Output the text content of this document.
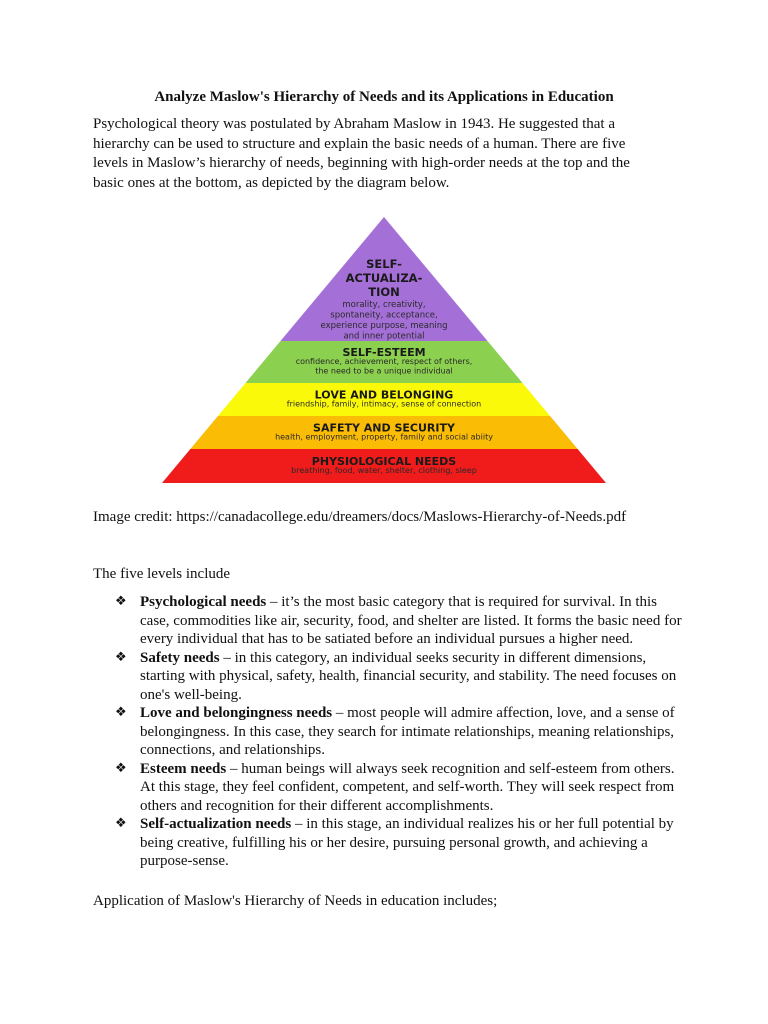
Analyze Maslow's Hierarchy of Needs and its Applications in Education
Psychological theory was postulated by Abraham Maslow in 1943. He suggested that a hierarchy can be used to structure and explain the basic needs of a human. There are five levels in Maslow’s hierarchy of needs, beginning with high-order needs at the top and the basic ones at the bottom, as depicted by the diagram below.
SELF-
ACTUALIZA-
TION
morality, creativity,
spontaneity, acceptance,
experience purpose, meaning
and inner potential
SELF-ESTEEM
confidence, achievement, respect of others,
the need to be a unique individual
LOVE AND BELONGING
friendship, family, intimacy, sense of connection
SAFETY AND SECURITY
health, employment, property, family and social abiity
PHYSIOLOGICAL NEEDS
breathing, food, water, shelter, clothing, sleep
Image credit: https://canadacollege.edu/dreamers/docs/Maslows-Hierarchy-of-Needs.pdf
The five levels include
❖ Psychological needs – it’s the most basic category that is required for survival. In this case, commodities like air, security, food, and shelter are listed. It forms the basic need for every individual that has to be satiated before an individual pursues a higher need.
❖ Safety needs – in this category, an individual seeks security in different dimensions, starting with physical, safety, health, financial security, and stability. The need focuses on one's well-being.
❖ Love and belongingness needs – most people will admire affection, love, and a sense of belongingness. In this case, they search for intimate relationships, meaning relationships, connections, and relationships.
❖ Esteem needs – human beings will always seek recognition and self-esteem from others. At this stage, they feel confident, competent, and self-worth. They will seek respect from others and recognition for their different accomplishments.
❖ Self-actualization needs – in this stage, an individual realizes his or her full potential by being creative, fulfilling his or her desire, pursuing personal growth, and achieving a purpose-sense.
Application of Maslow's Hierarchy of Needs in education includes;
